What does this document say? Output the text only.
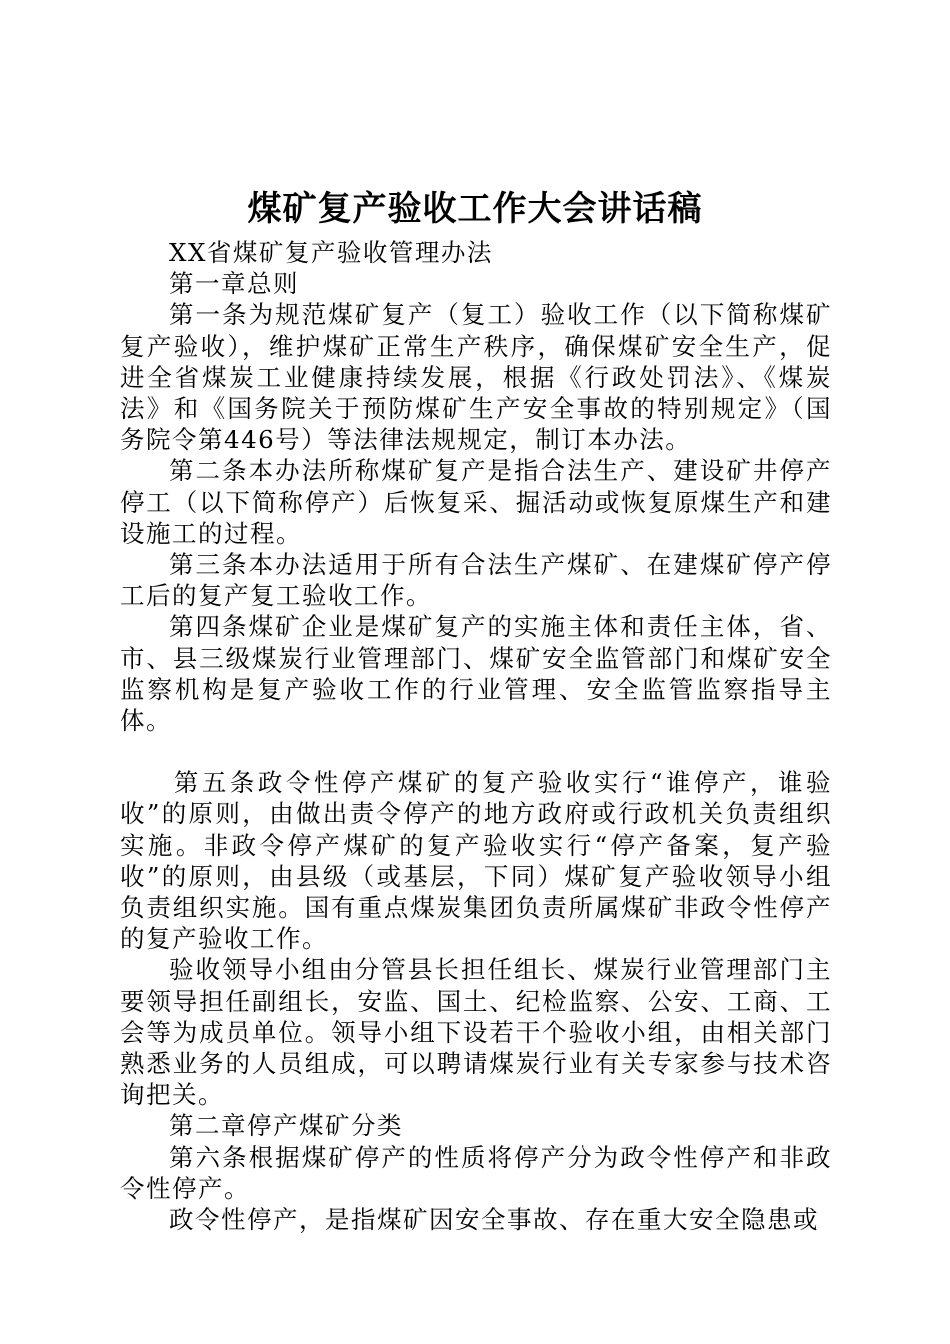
煤矿复产验收工作大会讲话稿

XX省煤矿复产验收管理办法

第一章总则

第一条为规范煤矿复产（复工）验收工作（以下简称煤矿复产验收），维护煤矿正常生产秩序，确保煤矿安全生产，促进全省煤炭工业健康持续发展，根据《行政处罚法》、《煤炭法》和《国务院关于预防煤矿生产安全事故的特别规定》（国务院令第446号）等法律法规规定，制订本办法。

第二条本办法所称煤矿复产是指合法生产、建设矿井停产停工（以下简称停产）后恢复采、掘活动或恢复原煤生产和建设施工的过程。

第三条本办法适用于所有合法生产煤矿、在建煤矿停产停工后的复产复工验收工作。

第四条煤矿企业是煤矿复产的实施主体和责任主体，省、市、县三级煤炭行业管理部门、煤矿安全监管部门和煤矿安全监察机构是复产验收工作的行业管理、安全监管监察指导主体。

第五条政令性停产煤矿的复产验收实行“谁停产，谁验收”的原则，由做出责令停产的地方政府或行政机关负责组织实施。非政令停产煤矿的复产验收实行“停产备案，复产验收”的原则，由县级（或基层，下同）煤矿复产验收领导小组负责组织实施。国有重点煤炭集团负责所属煤矿非政令性停产的复产验收工作。

验收领导小组由分管县长担任组长、煤炭行业管理部门主要领导担任副组长，安监、国土、纪检监察、公安、工商、工会等为成员单位。领导小组下设若干个验收小组，由相关部门熟悉业务的人员组成，可以聘请煤炭行业有关专家参与技术咨询把关。

第二章停产煤矿分类

第六条根据煤矿停产的性质将停产分为政令性停产和非政令性停产。

政令性停产，是指煤矿因安全事故、存在重大安全隐患或
